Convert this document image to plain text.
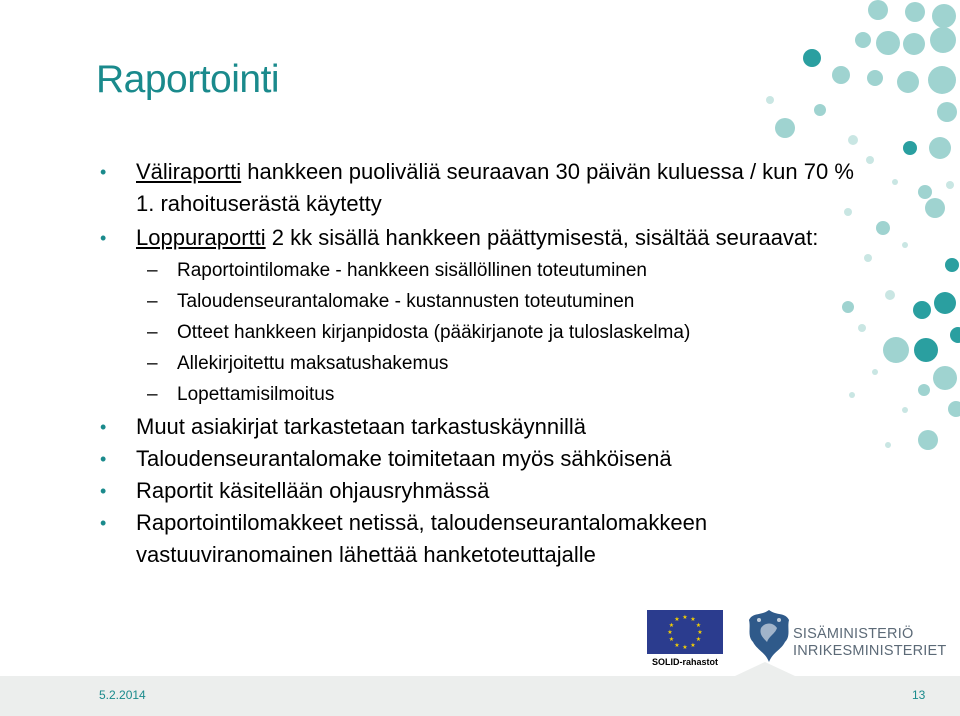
Raportointi
• Väliraportti hankkeen puoliväliä seuraavan 30 päivän kuluessa / kun 70 % 1. rahoituserästä käytetty
• Loppuraportti 2 kk sisällä hankkeen päättymisestä, sisältää seuraavat:
– Raportointilomake - hankkeen sisällöllinen toteutuminen
– Taloudenseurantalomake - kustannusten toteutuminen
– Otteet hankkeen kirjanpidosta (pääkirjanote ja tuloslaskelma)
– Allekirjoitettu maksatushakemus
– Lopettamisilmoitus
• Muut asiakirjat tarkastetaan tarkastuskäynnillä
• Taloudenseurantalomake toimitetaan myös sähköisenä
• Raportit käsitellään ohjausryhmässä
• Raportointilomakkeet netissä, taloudenseurantalomakkeen vastuuviranomainen lähettää hanketoteuttajalle
★ ★
★
★
★
★
★
★
★
★
★
★
SOLID-rahastot
SISÄMINISTERIÖ
INRIKESMINISTERIET
5.2.2014	13
